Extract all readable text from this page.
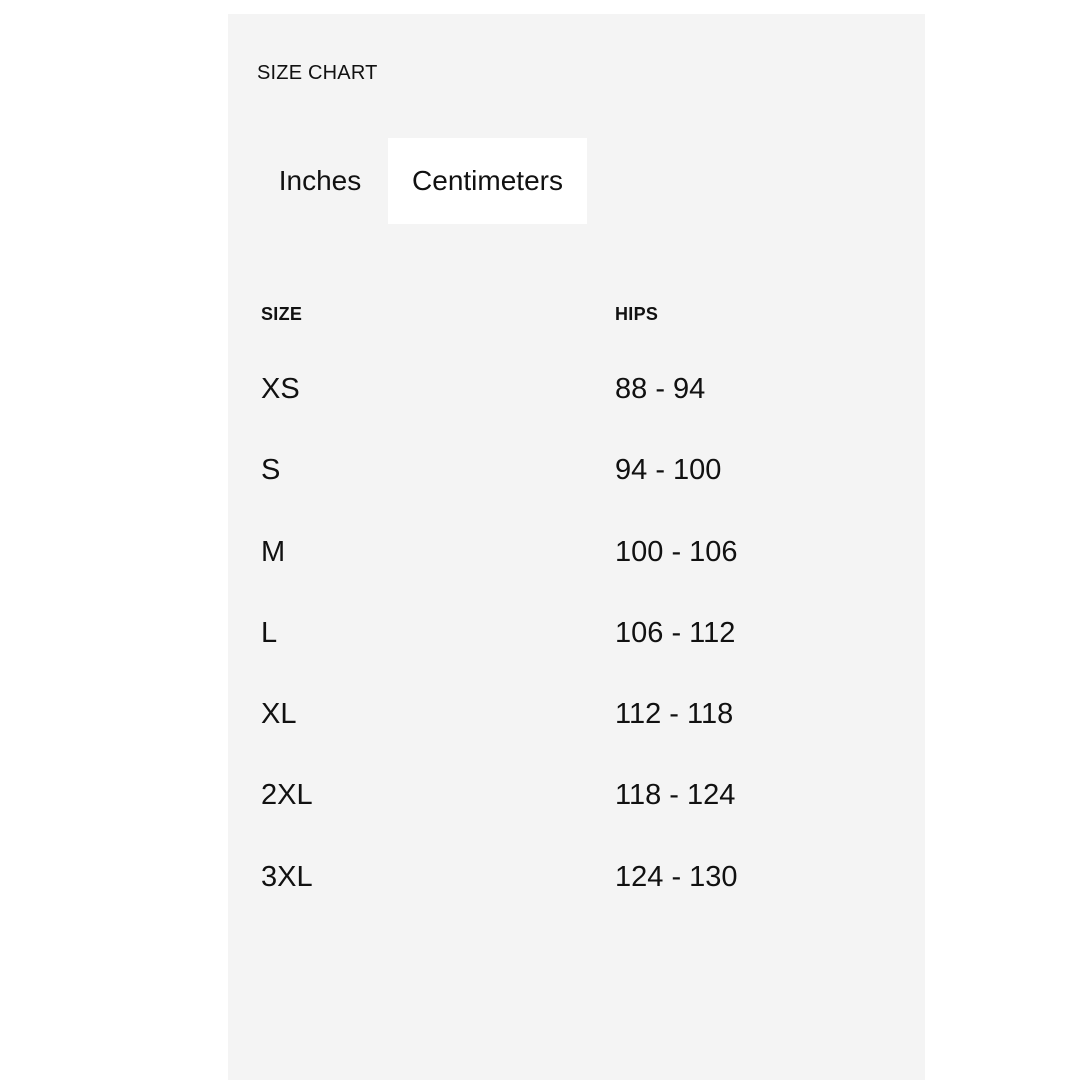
SIZE CHART
Inches Centimeters
SIZE	HIPS
XS	88 - 94
S	94 - 100
M	100 - 106
L	106 - 112
XL	112 - 118
2XL	118 - 124
3XL	124 - 130
